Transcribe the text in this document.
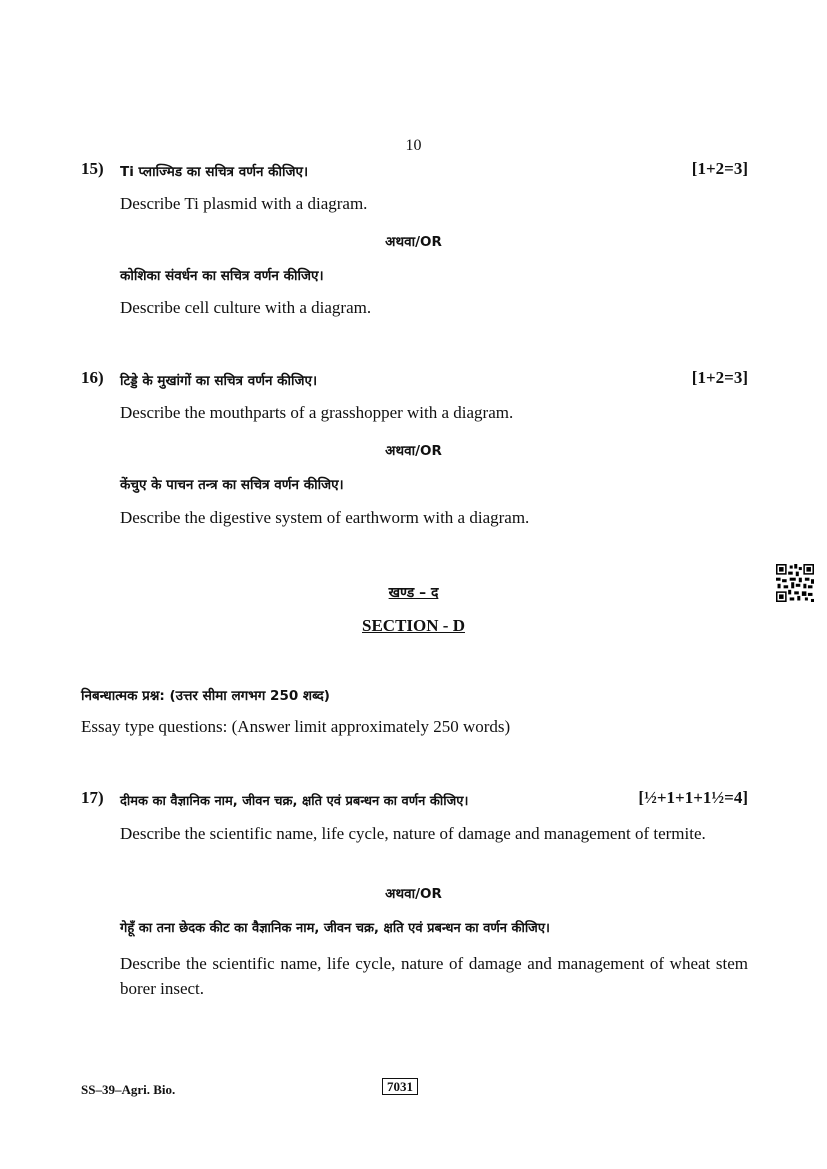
10
15) Ti प्लाज्मिड का सचित्र वर्णन कीजिए।	[1+2=3]
Describe Ti plasmid with a diagram.
अथवा/OR
कोशिका संवर्धन का सचित्र वर्णन कीजिए।
Describe cell culture with a diagram.
16) टिड्डे के मुखांगों का सचित्र वर्णन कीजिए।	[1+2=3]
Describe the mouthparts of a grasshopper with a diagram.
अथवा/OR
केंचुए के पाचन तन्त्र का सचित्र वर्णन कीजिए।
Describe the digestive system of earthworm with a diagram.
खण्ड – द
SECTION - D
निबन्धात्मक प्रश्न: (उत्तर सीमा लगभग 250 शब्द)
Essay type questions: (Answer limit approximately 250 words)
17) दीमक का वैज्ञानिक नाम, जीवन चक्र, क्षति एवं प्रबन्धन का वर्णन कीजिए।	[½+1+1+1½=4]
Describe the scientific name, life cycle, nature of damage and management of termite.
अथवा/OR
गेहूँ का तना छेदक कीट का वैज्ञानिक नाम, जीवन चक्र, क्षति एवं प्रबन्धन का वर्णन कीजिए।
Describe the scientific name, life cycle, nature of damage and management of wheat stem borer insect.
SS–39–Agri. Bio.	7031
